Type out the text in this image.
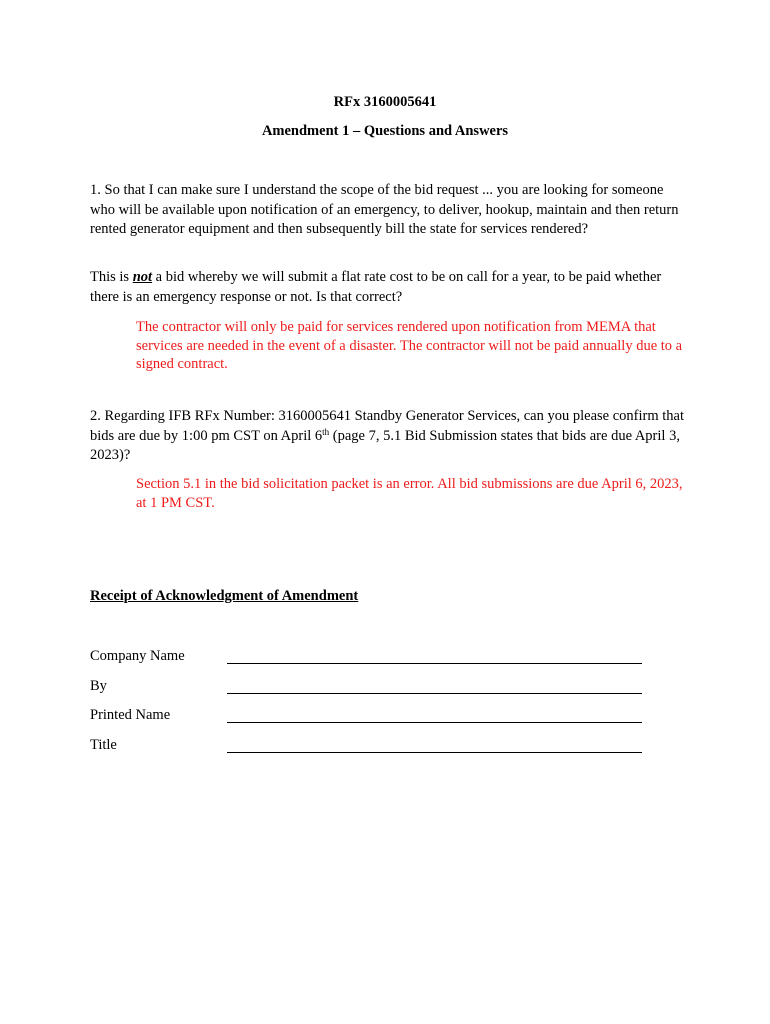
RFx 3160005641
Amendment 1 – Questions and Answers
1. So that I can make sure I understand the scope of the bid request ... you are looking for someone who will be available upon notification of an emergency, to deliver, hookup, maintain and then return rented generator equipment and then subsequently bill the state for services rendered?
This is not a bid whereby we will submit a flat rate cost to be on call for a year, to be paid whether there is an emergency response or not. Is that correct?
The contractor will only be paid for services rendered upon notification from MEMA that services are needed in the event of a disaster. The contractor will not be paid annually due to a signed contract.
2. Regarding IFB RFx Number: 3160005641 Standby Generator Services, can you please confirm that bids are due by 1:00 pm CST on April 6th (page 7, 5.1 Bid Submission states that bids are due April 3, 2023)?
Section 5.1 in the bid solicitation packet is an error. All bid submissions are due April 6, 2023, at 1 PM CST.
Receipt of Acknowledgment of Amendment
Company Name
By
Printed Name
Title
